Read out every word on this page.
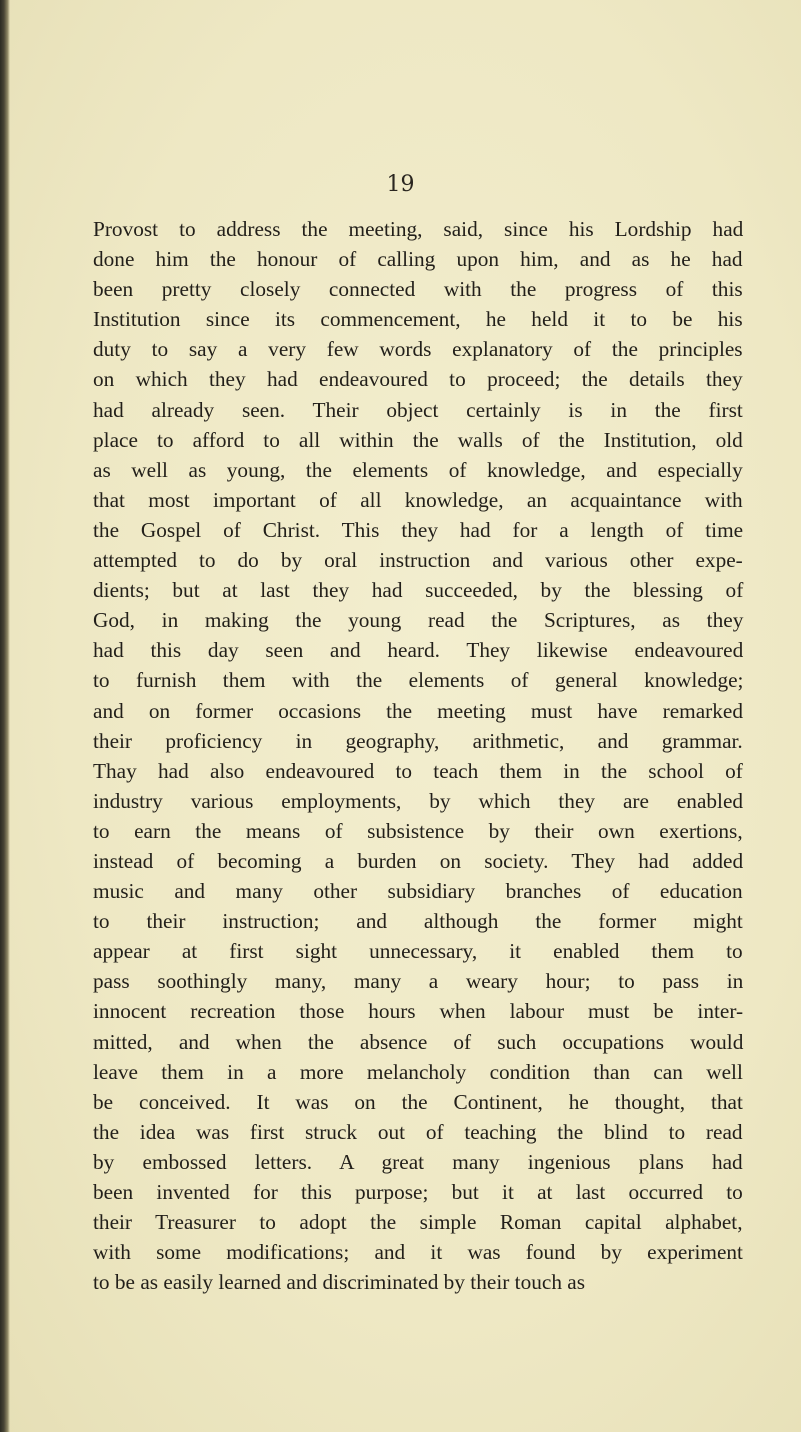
19

Provost to address the meeting, said, since his Lordship had
done him the honour of calling upon him, and as he had
been pretty closely connected with the progress of this
Institution since its commencement, he held it to be his
duty to say a very few words explanatory of the principles
on which they had endeavoured to proceed; the details they
had already seen. Their object certainly is in the first
place to afford to all within the walls of the Institution, old
as well as young, the elements of knowledge, and especially
that most important of all knowledge, an acquaintance with
the Gospel of Christ. This they had for a length of time
attempted to do by oral instruction and various other expe-
dients; but at last they had succeeded, by the blessing of
God, in making the young read the Scriptures, as they
had this day seen and heard. They likewise endeavoured
to furnish them with the elements of general knowledge;
and on former occasions the meeting must have remarked
their proficiency in geography, arithmetic, and grammar.
Thay had also endeavoured to teach them in the school of
industry various employments, by which they are enabled
to earn the means of subsistence by their own exertions,
instead of becoming a burden on society. They had added
music and many other subsidiary branches of education
to their instruction; and although the former might
appear at first sight unnecessary, it enabled them to
pass soothingly many, many a weary hour; to pass in
innocent recreation those hours when labour must be inter-
mitted, and when the absence of such occupations would
leave them in a more melancholy condition than can well
be conceived. It was on the Continent, he thought, that
the idea was first struck out of teaching the blind to read
by embossed letters. A great many ingenious plans had
been invented for this purpose; but it at last occurred to
their Treasurer to adopt the simple Roman capital alphabet,
with some modifications; and it was found by experiment
to be as easily learned and discriminated by their touch as
